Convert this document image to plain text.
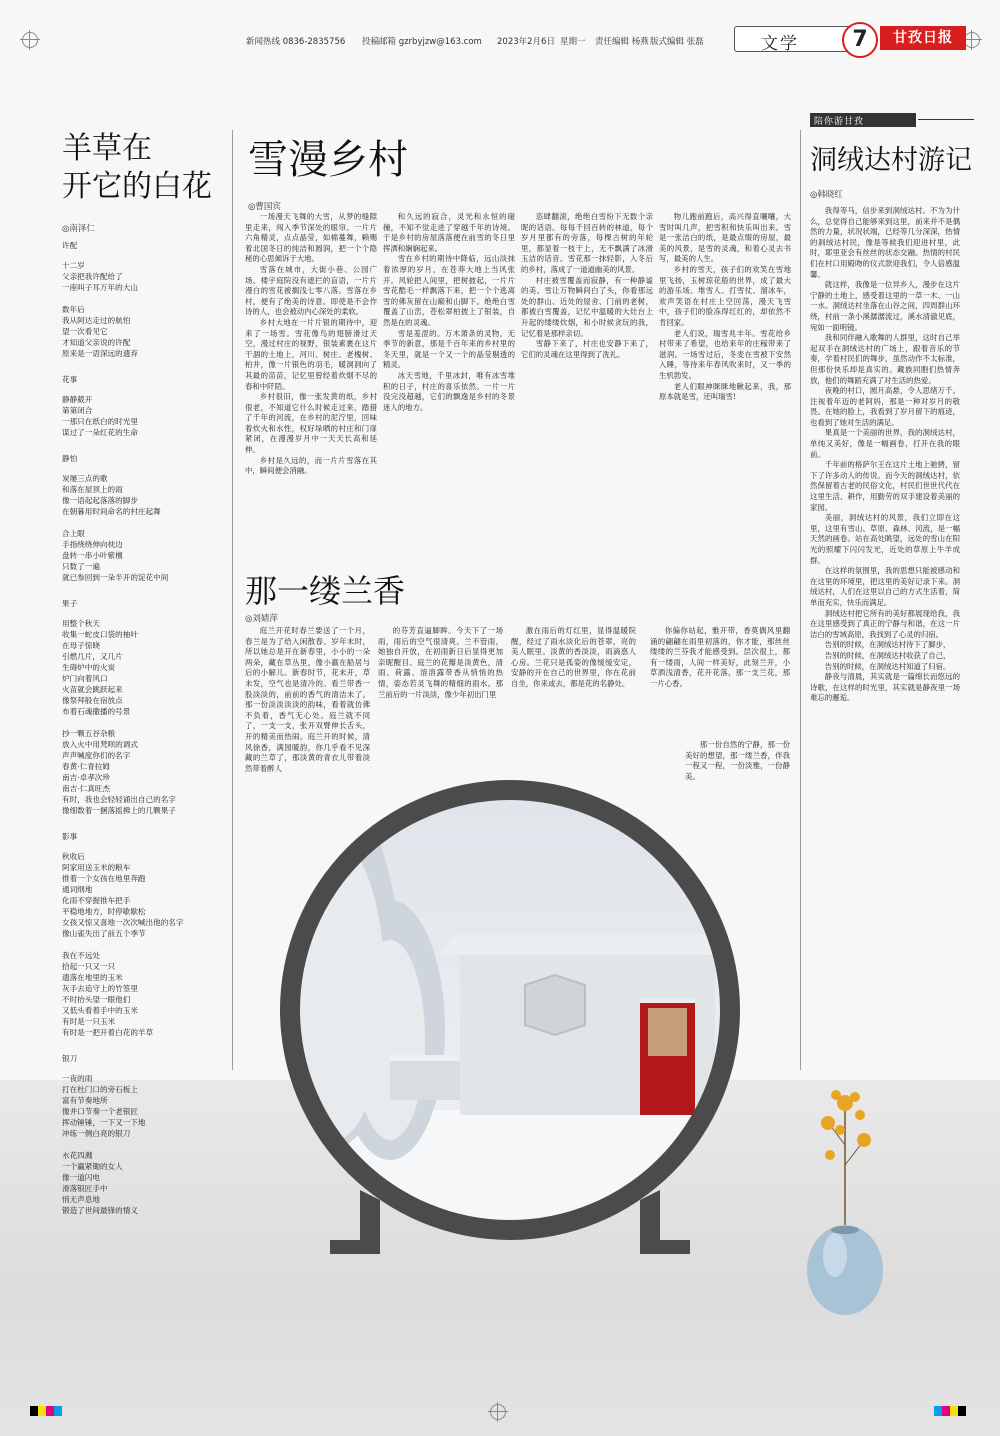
新闻热线 0836-2835756 投稿邮箱 gzrbyjzw@163.com 2023年2月6日 星期一 责任编辑 杨燕 版式编辑 张磊	文学	7	甘孜日报
羊草在
开它的白花
◎南泽仁
许配
十二岁
父亲把我许配给了
一座叫子耳万年的大山
数年后
我从阿达走过的航怕
望一次看见它
才知道父亲说的许配
原来是一语深远的遗弃
花事
静静葳开
第第闭合
一那只在纸白的时光里
谋过了一朵红花的生命
静怕
炭屡三点的歌
和落在屋顶上的雨
像一语起起落落的脚步
在朝暮用时间命名的村庄起舞
合上眼
手指绕绕伸向枕边
盘转一串小叶紫檀
只数了一遍
就已参回到一朵半开的淀花中间
果子
用整个秋天
收集一蛇皮口袋的柚叶
在母子惊晓
引燃几片，又几片
生碍炉中的火炭
炉门向着风口
火苗就会跳跃起来
像祭拜般在宿放点
布着石魂撒播的号景
抄一颗五谷杂粮
放入火中用梵呗的调式
声声喊度你们的名字
春黄·仁青拉姆
南吉·卓孝次珍
南吉·仁真旺杰
有时，我也会轻轻诵出自己的名字
像细数着一捆落摇拂上的几颗果子
影事
秋收后
阿家用送玉米的粮车
推着一个女孩在地里奔跑
通词纲地
化雨不穿握推车把手
平稳地地方，时停歇歇松
女孩又惊又喜地一次次喊出他的名字
像山雀失出了前五个季节
我在不远处
拾起一只又一只
遗落在地里的玉米
灰手去追守上的竹签里
不时抬头望一眼他们
又低头看着手中的玉米
有时是一只玉米
有时是一把开着白花的羊草
银刀
一夜的雨
打在杜门口的旁石板上
富有节奏地所
像井口节奏一个老银匠
挥动锤锤，一下又一下地
冲练一侧白亮的银刀
水花四溅
一个赢紧锄的女人
像一道闪电
滑落银匠手中
悄无声息地
锻造了世间最锋的情义
雪漫乡村
◎曹国宾

一场漫天飞舞的大雪，从梦的缝隙里走来，闯入季节深处的眼帘。一片片六角精灵，点点晶莹，如棉蔓舞，赖赐着北国冬日的纯洁和圆润，把一个个隐秘的心思倾诉于大地。

雪落在城市，大街小巷、公园广场、楼宇庭院没有遮拦的盲语，一片片漫白的雪花被搁浅七零八落。雪落在乡村，便有了绝美的诗意。即使是不会作诗的人，也会被动内心深处的柔软。

乡村大地在一片片银的期待中，迎来了一场雪。雪花像鸟的翅膀滑过天空，漫过村庄的视野，银装素裹在这片干涸的土地上，河川、树庄、老槐树、柏井，像一片银色的羽毛，暖洞洞向了其最的苗苗，记忆里曾经着炊烟不尽的春和中阡陌。

乡村很旧，像一张发黄的纸，乡村很老，不知道它什么时候走过来，踏猎了千年的河流，在乡村的泥泞里，回味着炊火和水性，权好垛晒的村庄和门扉紧闭，在漫漫岁月中一天天长高和延伸。

乡村是久远的，而一片片雪落在其中，瞬间便会消融。

和久远的寂合，灵光和永恒的碰撞，不知不觉走进了穿越千年的诗境。于是乡村的房屋落落便在前雪的冬日里挥洒和娴娴起来。

雪在乡村的期待中降临，远山淡抹着浓厚的岁月，在苍莽大地上当风张开。风轮把人间里，把树披起，一片片雪花酷毛一样飘落下来，把一个个逃离雪的佛灰留在山巅和山脚下。绝绝白雪覆盖了山峦，苍松翠柏披上了银装，自然是在的灵魂。

雪是羞涩的。万木萧条的灵物，无季节的新意，那是千百年来的乡村里的冬天里，就是一个又一个的晶莹剔透的精灵。

冰天雪地，千里冰封，唯有冰雪堆积的日子，村庄的喜乐依然。一片一片没完没超越，它们的飘逸是乡村的冬景迷人的地方。

恣肆翻滚，绝绝白雪纷下无数个亲昵的话语。每每千回百转的林道，每个岁月里都有的旁落，每棵古树的年轮里，都显着一枝干上，无不飘满了冰滑玉洁的话音。雪花那一抹轻影，入冬后的乡村，落成了一道道幽美的风景。

村庄被雪覆盖而寂静，有一种静谧的美。雪让万物瞬间白了头，你看那远处的群山、近处的屋舍、门前的老树，都被白雪覆盖，记忆中温暖的大灶台上升起的缕缕炊烟，和小时候贪玩的我，记忆着是那样亲切。

雪静下来了，村庄也安静下来了，它们的灵魂在这里得到了洗礼。

物儿跑前跑后，高兴得直嚷嚷，大雪时叫几声，把雪积和快乐叫出来。雪是一张洁白的纸，是最点缀的房屋，最美的风景，是雪的灵魂，和着心灵去书写，最美的人生。

乡村的雪天，孩子们的欢笑在雪地里飞扬，玉树琼花般的世界，成了最大的游乐场。堆雪人、打雪仗、溜冰车，欢声笑语在村庄上空回荡，漫天飞雪中，孩子们的脸冻得红红的，却依然不肯回家。

老人们说，瑞雪兆丰年。雪花给乡村带来了希望，也给来年的庄稼带来了滋润。一场雪过后，冬麦在雪被下安然入睡，等待来年春风吹来时，又一季的生机勃发。

老人们眼神眯眯地瞅起来，我，那原本就是雪，还叫瑞雪!

那一缕兰香
◎刘婧萍

庭兰开花时春兰要送了一个月，春兰是为了给入闲散春、岁年末时，所以她总是开在新春里，小小的一朵两朵，藏在草丛里，像小嬴在船居与后的小解儿。新春时节，花未开，草未发，空气也是清冷的。看兰带香一股淡淡的，前前的香气的清洁未了。那一份淡淡淡淡的韵味，看着就仿佛不负着，香气无心处。庭兰就不同了，一支一支，张开双臂伸长舌头，开的精美而热闹。庭兰开的时候，清风徐香，满园暖韵，你几乎看不见深藏的兰草了，那淡黄的青衣儿带着淡然带着醉人

的芬芳直逼脚眸。今天下了一场雨，雨后的空气很清爽。兰不管雨，她独自开放，在初雨新日后显得更加亲昵醒目。庭兰的花瓣是淡黄色，清雨、荷露、溶溶露带香从悄悄的热情，姿态若灵飞舞的精细的雨水。那兰前后的一片淡淡，像少年初出门里

激在雨后的灯红里，显得温暖院醒，经过了雨水淡化后的苍翠，亮的美人眠里。淡黄的香淡淡，雨滴惑人心房。兰花只是孤姿的像缓缓安定，安静的开在自己的世界里，你在花前自坐，你来或去，都是花的名静处。

你偏你站起，雅开带，香莫偶风里翻涌的翩翩在雨里初落的，你才能，那丝丝缕缕的兰芬我才能感受到。层次很上，都有一缕雨，人间一样美好，此刻兰开，小草洒浅清香，花开花落，那一支兰花，那一片心香。

那一份自然的宁静，那一份美好的想望，那一缕兰香，伴我一程又一程，一份淡雅，一份静美。

陪你游甘孜
洞绒达村游记
◎韩晓红

我得等马，信步来到洞绒达村。不为为什么，总觉得自己能够来到这里，前来并不是偶然的力量，状况状端，已经等几分深深，热情的洞绒达村民，像是等候我们迎进村里，此时，耶里亚会有丝丝的状态交融。热情的村民们在村口用殿吻的仪式款迎我们，令人倍感温馨。

就这样，我像是一位异乡人，漫步在这片宁静的土地上，感受着这里的一草一木、一山一水。洞绒达村坐落在山谷之间，四周群山环绕，村前一条小溪潺潺流过，溪水清澈见底，宛如一面明镜。

我和同伴融入歌舞的人群里，这时自己举起双手在洞绒达村的广场上，跟着音乐的节奏，学着村民们的舞步，虽然动作不太标准，但那份快乐却是真实的。藏族同胞们热情奔放，他们的舞蹈充满了对生活的热爱。

夜晚的村口，圆月高悬，令人思绪万千。注视着年迈的老阿妈，那是一种对岁月的敬畏。在她的脸上，我看到了岁月留下的痕迹，也看到了她对生活的满足。

果真是一个美丽的世界，我的洞绒达村，单纯又美好，像是一幅画卷，打开在我的眼前。

千年前的格萨尔王在这片土地上驰骋，留下了许多动人的传说。而今天的洞绒达村，依然保留着古老的民俗文化，村民们世世代代在这里生活、耕作，用勤劳的双手建设着美丽的家园。

美丽，洞绒达村的风景，我们立即在这里，这里有雪山、草原、森林、河流，是一幅天然的画卷。站在高处眺望，远处的雪山在阳光的照耀下闪闪发光，近处的草原上牛羊成群。

在这样的氛围里，我的思想只能被感动和在这里的环境里，把这里的美好记录下来。洞绒达村，人们在这里以自己的方式生活着，简单而充实，快乐而满足。

洞绒达村把它所有的美好都展现给我，我在这里感受到了真正的宁静与和谐，在这一片洁白的雪域高原，我找到了心灵的归宿。

告别的时候，在洞绒达村待下了脚步，

告别的时候，在洞绒达村收获了自己，

告别的时候，在洞绒达村知道了归宿。

静夜与清晨，其实就是一篇绵长而悠远的诗歌，在这样的时光里，其实就是静夜里一场难忘的邂逅。
